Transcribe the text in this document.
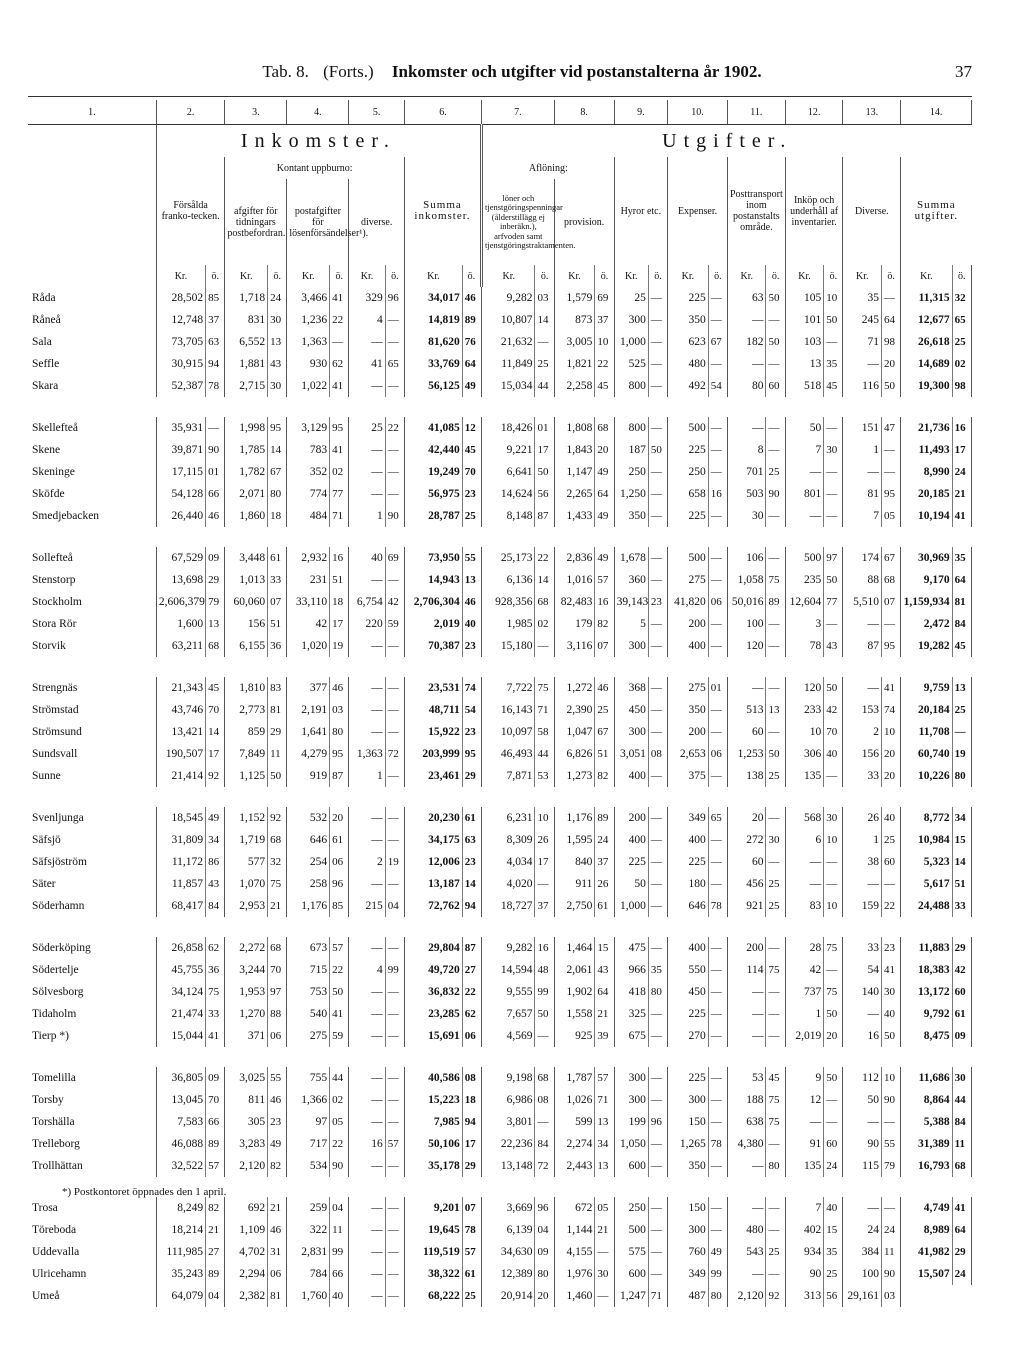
Tab. 8. (Forts.) Inkomster och utgifter vid postanstalterna år 1902.	37
1.	2.		3.		4.		5.		6.		7.		8.		9.		10.		11.		12.		13.		14.	
	Inkomster.										Utgifter.															
	Försålda franko-tecken.		Kontant uppburno:						Summa inkomster.		Aflöning:				Hyror etc.		Expenser.		Posttransport inom postanstalts område.		Inköp och underhåll af inventarier.		Diverse.		Summa utgifter.	
			afgifter för tidningars postbefordran.		postafgifter för lösenförsändelser¹).		diverse.				löner och tjenstgöringspenningar (ålderstillägg ej inberäkn.), arfvoden samt tjenstgöringstraktamenten.		provision.													
	Kr.	ö.	Kr.	ö.	Kr.	ö.	Kr.	ö.	Kr.	ö.	Kr.	ö.	Kr.	ö.	Kr.	ö.	Kr.	ö.	Kr.	ö.	Kr.	ö.	Kr.	ö.	Kr.	ö.
Råda	28,502	85	1,718	24	3,466	41	329	96	34,017	46	9,282	03	1,579	69	25	—	225	—	63	50	105	10	35	—	11,315	32
Råneå	12,748	37	831	30	1,236	22	4	—	14,819	89	10,807	14	873	37	300	—	350	—	—	—	101	50	245	64	12,677	65
Sala	73,705	63	6,552	13	1,363	—	—	—	81,620	76	21,632	—	3,005	10	1,000	—	623	67	182	50	103	—	71	98	26,618	25
Seffle	30,915	94	1,881	43	930	62	41	65	33,769	64	11,849	25	1,821	22	525	—	480	—	—	—	13	35	—	20	14,689	02
Skara	52,387	78	2,715	30	1,022	41	—	—	56,125	49	15,034	44	2,258	45	800	—	492	54	80	60	518	45	116	50	19,300	98

Skellefteå	35,931	—	1,998	95	3,129	95	25	22	41,085	12	18,426	01	1,808	68	800	—	500	—	—	—	50	—	151	47	21,736	16
Skene	39,871	90	1,785	14	783	41	—	—	42,440	45	9,221	17	1,843	20	187	50	225	—	8	—	7	30	1	—	11,493	17
Skeninge	17,115	01	1,782	67	352	02	—	—	19,249	70	6,641	50	1,147	49	250	—	250	—	701	25	—	—	—	—	8,990	24
Sköfde	54,128	66	2,071	80	774	77	—	—	56,975	23	14,624	56	2,265	64	1,250	—	658	16	503	90	801	—	81	95	20,185	21
Smedjebacken	26,440	46	1,860	18	484	71	1	90	28,787	25	8,148	87	1,433	49	350	—	225	—	30	—	—	—	7	05	10,194	41

Sollefteå	67,529	09	3,448	61	2,932	16	40	69	73,950	55	25,173	22	2,836	49	1,678	—	500	—	106	—	500	97	174	67	30,969	35
Stenstorp	13,698	29	1,013	33	231	51	—	—	14,943	13	6,136	14	1,016	57	360	—	275	—	1,058	75	235	50	88	68	9,170	64
Stockholm	2,606,379	79	60,060	07	33,110	18	6,754	42	2,706,304	46	928,356	68	82,483	16	39,143	23	41,820	06	50,016	89	12,604	77	5,510	07	1,159,934	81
Stora Rör	1,600	13	156	51	42	17	220	59	2,019	40	1,985	02	179	82	5	—	200	—	100	—	3	—	—	—	2,472	84
Storvik	63,211	68	6,155	36	1,020	19	—	—	70,387	23	15,180	—	3,116	07	300	—	400	—	120	—	78	43	87	95	19,282	45

Strengnäs	21,343	45	1,810	83	377	46	—	—	23,531	74	7,722	75	1,272	46	368	—	275	01	—	—	120	50	—	41	9,759	13
Strömstad	43,746	70	2,773	81	2,191	03	—	—	48,711	54	16,143	71	2,390	25	450	—	350	—	513	13	233	42	153	74	20,184	25
Strömsund	13,421	14	859	29	1,641	80	—	—	15,922	23	10,097	58	1,047	67	300	—	200	—	60	—	10	70	2	10	11,708	—
Sundsvall	190,507	17	7,849	11	4,279	95	1,363	72	203,999	95	46,493	44	6,826	51	3,051	08	2,653	06	1,253	50	306	40	156	20	60,740	19
Sunne	21,414	92	1,125	50	919	87	1	—	23,461	29	7,871	53	1,273	82	400	—	375	—	138	25	135	—	33	20	10,226	80

Svenljunga	18,545	49	1,152	92	532	20	—	—	20,230	61	6,231	10	1,176	89	200	—	349	65	20	—	568	30	26	40	8,772	34
Säfsjö	31,809	34	1,719	68	646	61	—	—	34,175	63	8,309	26	1,595	24	400	—	400	—	272	30	6	10	1	25	10,984	15
Säfsjöström	11,172	86	577	32	254	06	2	19	12,006	23	4,034	17	840	37	225	—	225	—	60	—	—	—	38	60	5,323	14
Säter	11,857	43	1,070	75	258	96	—	—	13,187	14	4,020	—	911	26	50	—	180	—	456	25	—	—	—	—	5,617	51
Söderhamn	68,417	84	2,953	21	1,176	85	215	04	72,762	94	18,727	37	2,750	61	1,000	—	646	78	921	25	83	10	159	22	24,488	33

Söderköping	26,858	62	2,272	68	673	57	—	—	29,804	87	9,282	16	1,464	15	475	—	400	—	200	—	28	75	33	23	11,883	29
Södertelje	45,755	36	3,244	70	715	22	4	99	49,720	27	14,594	48	2,061	43	966	35	550	—	114	75	42	—	54	41	18,383	42
Sölvesborg	34,124	75	1,953	97	753	50	—	—	36,832	22	9,555	99	1,902	64	418	80	450	—	—	—	737	75	140	30	13,172	60
Tidaholm	21,474	33	1,270	88	540	41	—	—	23,285	62	7,657	50	1,558	21	325	—	225	—	—	—	1	50	—	40	9,792	61
Tierp *)	15,044	41	371	06	275	59	—	—	15,691	06	4,569	—	925	39	675	—	270	—	—	—	2,019	20	16	50	8,475	09

Tomelilla	36,805	09	3,025	55	755	44	—	—	40,586	08	9,198	68	1,787	57	300	—	225	—	53	45	9	50	112	10	11,686	30
Torsby	13,045	70	811	46	1,366	02	—	—	15,223	18	6,986	08	1,026	71	300	—	300	—	188	75	12	—	50	90	8,864	44
Torshälla	7,583	66	305	23	97	05	—	—	7,985	94	3,801	—	599	13	199	96	150	—	638	75	—	—	—	—	5,388	84
Trelleborg	46,088	89	3,283	49	717	22	16	57	50,106	17	22,236	84	2,274	34	1,050	—	1,265	78	4,380	—	91	60	90	55	31,389	11
Trollhättan	32,522	57	2,120	82	534	90	—	—	35,178	29	13,148	72	2,443	13	600	—	350	—	—	80	135	24	115	79	16,793	68

Trosa	8,249	82	692	21	259	04	—	—	9,201	07	3,669	96	672	05	250	—	150	—	—	—	7	40	—	—	4,749	41
Töreboda	18,214	21	1,109	46	322	11	—	—	19,645	78	6,139	04	1,144	21	500	—	300	—	480	—	402	15	24	24	8,989	64
Uddevalla	111,985	27	4,702	31	2,831	99	—	—	119,519	57	34,630	09	4,155	—	575	—	760	49	543	25	934	35	384	11	41,982	29
Ulricehamn	35,243	89	2,294	06	784	66	—	—	38,322	61	12,389	80	1,976	30	600	—	349	99	—	—	90	25	100	90	15,507	24
Umeå	64,079	04	2,382	81	1,760	40	—	—	68,222	25	20,914	20	1,460	—	1,247	71	487	80	2,120	92	313	56	29,161	03		
*) Postkontoret öppnades den 1 april.
